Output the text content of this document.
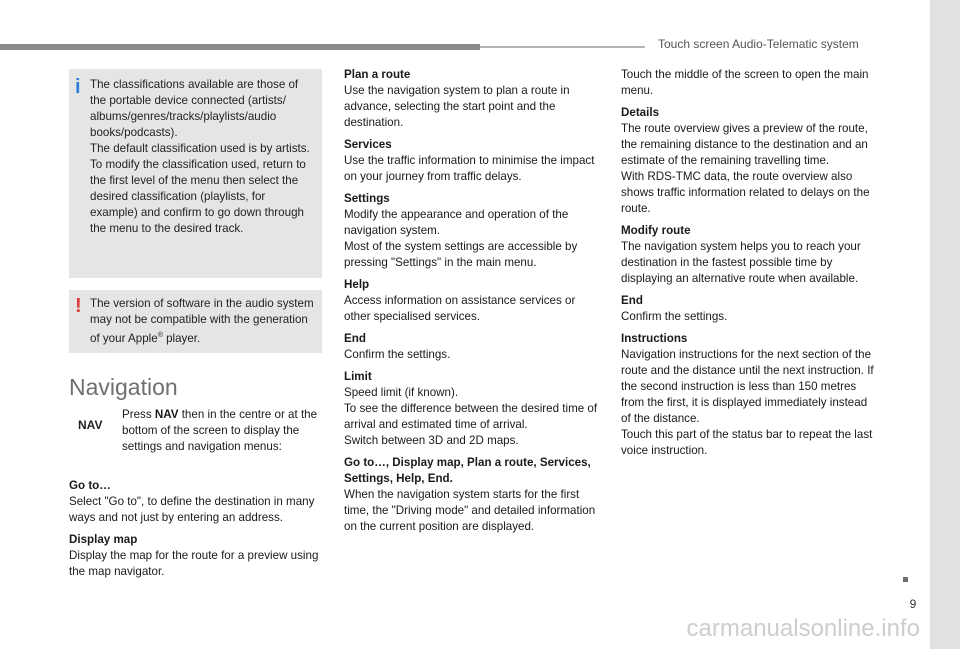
Touch screen Audio-Telematic system
9
carmanualsonline.info
i The classifications available are those of the portable device connected (artists/ albums/genres/tracks/playlists/audio books/podcasts).

The default classification used is by artists. To modify the classification used, return to the first level of the menu then select the desired classification (playlists, for example) and confirm to go down through the menu to the desired track.

! The version of software in the audio system may not be compatible with the generation of your Apple® player.

Navigation
NAV

Press NAV then in the centre or at the bottom of the screen to display the settings and navigation menus:

Go to…
Select "Go to", to define the destination in many ways and not just by entering an address.

Display map
Display the map for the route for a preview using the map navigator.

Plan a route
Use the navigation system to plan a route in advance, selecting the start point and the destination.

Services
Use the traffic information to minimise the impact on your journey from traffic delays.

Settings
Modify the appearance and operation of the navigation system.
Most of the system settings are accessible by pressing "Settings" in the main menu.

Help
Access information on assistance services or other specialised services.

End
Confirm the settings.

Limit
Speed limit (if known).
To see the difference between the desired time of arrival and estimated time of arrival.
Switch between 3D and 2D maps.

Go to…, Display map, Plan a route, Services, Settings, Help, End.
When the navigation system starts for the first time, the "Driving mode" and detailed information on the current position are displayed.

Touch the middle of the screen to open the main menu.

Details
The route overview gives a preview of the route, the remaining distance to the destination and an estimate of the remaining travelling time.
With RDS-TMC data, the route overview also shows traffic information related to delays on the route.

Modify route
The navigation system helps you to reach your destination in the fastest possible time by displaying an alternative route when available.

End
Confirm the settings.

Instructions
Navigation instructions for the next section of the route and the distance until the next instruction. If the second instruction is less than 150 metres from the first, it is displayed immediately instead of the distance.
Touch this part of the status bar to repeat the last voice instruction.
